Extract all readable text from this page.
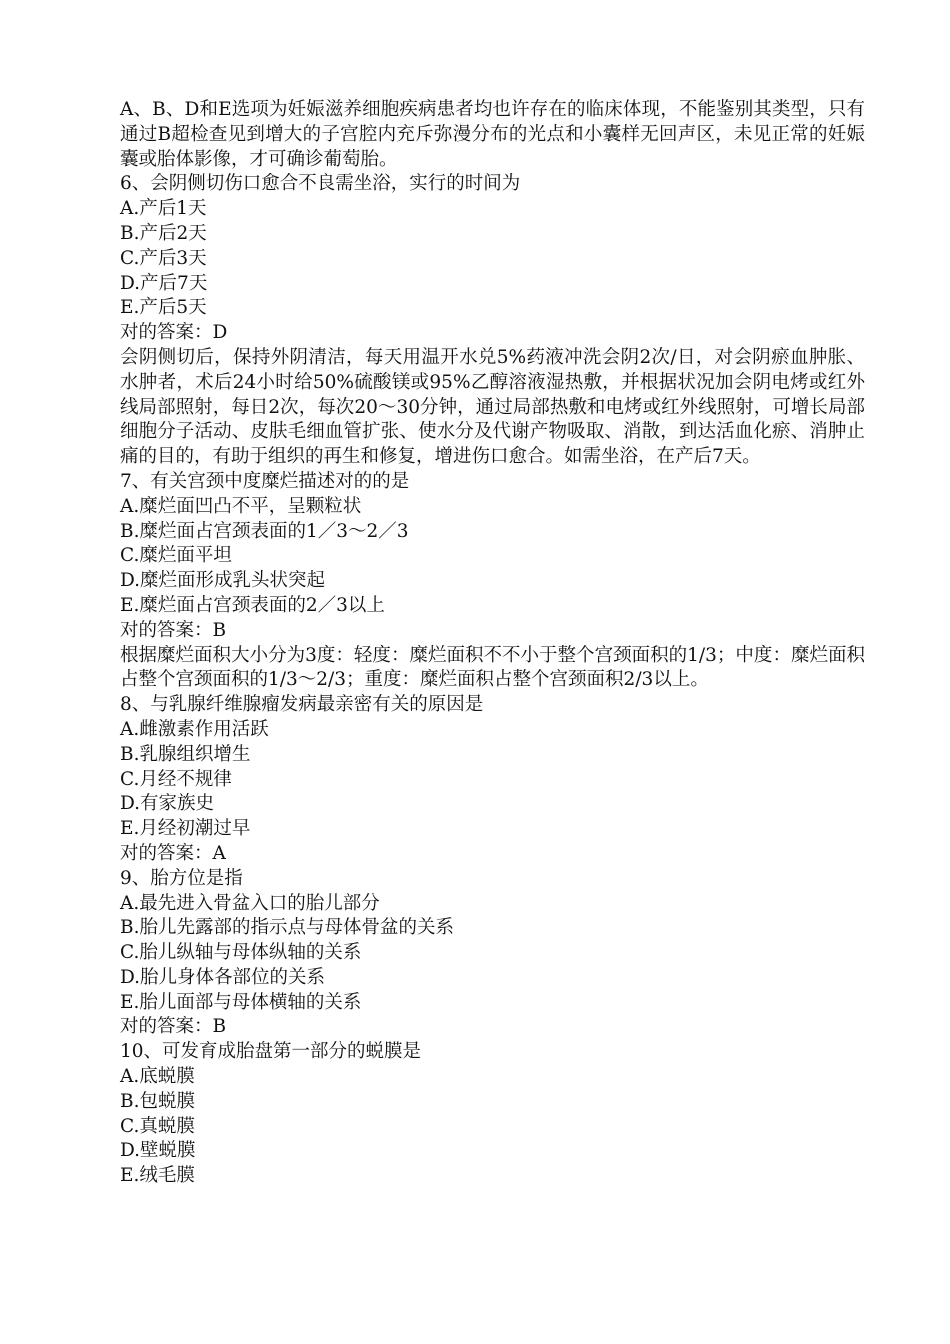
A、B、D和E选项为妊娠滋养细胞疾病患者均也许存在的临床体现，不能鉴别其类型，只有通过B超检查见到增大的子宫腔内充斥弥漫分布的光点和小囊样无回声区，未见正常的妊娠囊或胎体影像，才可确诊葡萄胎。
6、会阴侧切伤口愈合不良需坐浴，实行的时间为
A.产后1天
B.产后2天
C.产后3天
D.产后7天
E.产后5天
对的答案：D
会阴侧切后，保持外阴清洁，每天用温开水兑5%药液冲洗会阴2次/日，对会阴瘀血肿胀、水肿者，术后24小时给50%硫酸镁或95%乙醇溶液湿热敷，并根据状况加会阴电烤或红外线局部照射，每日2次，每次20～30分钟，通过局部热敷和电烤或红外线照射，可增长局部细胞分子活动、皮肤毛细血管扩张、使水分及代谢产物吸取、消散，到达活血化瘀、消肿止痛的目的，有助于组织的再生和修复，增进伤口愈合。如需坐浴，在产后7天。
7、有关宫颈中度糜烂描述对的的是
A.糜烂面凹凸不平，呈颗粒状
B.糜烂面占宫颈表面的1／3～2／3
C.糜烂面平坦
D.糜烂面形成乳头状突起
E.糜烂面占宫颈表面的2／3以上
对的答案：B
根据糜烂面积大小分为3度：轻度：糜烂面积不不小于整个宫颈面积的1/3；中度：糜烂面积占整个宫颈面积的1/3～2/3；重度：糜烂面积占整个宫颈面积2/3以上。
8、与乳腺纤维腺瘤发病最亲密有关的原因是
A.雌激素作用活跃
B.乳腺组织增生
C.月经不规律
D.有家族史
E.月经初潮过早
对的答案：A
9、胎方位是指
A.最先进入骨盆入口的胎儿部分
B.胎儿先露部的指示点与母体骨盆的关系
C.胎儿纵轴与母体纵轴的关系
D.胎儿身体各部位的关系
E.胎儿面部与母体横轴的关系
对的答案：B
10、可发育成胎盘第一部分的蜕膜是
A.底蜕膜
B.包蜕膜
C.真蜕膜
D.壁蜕膜
E.绒毛膜
